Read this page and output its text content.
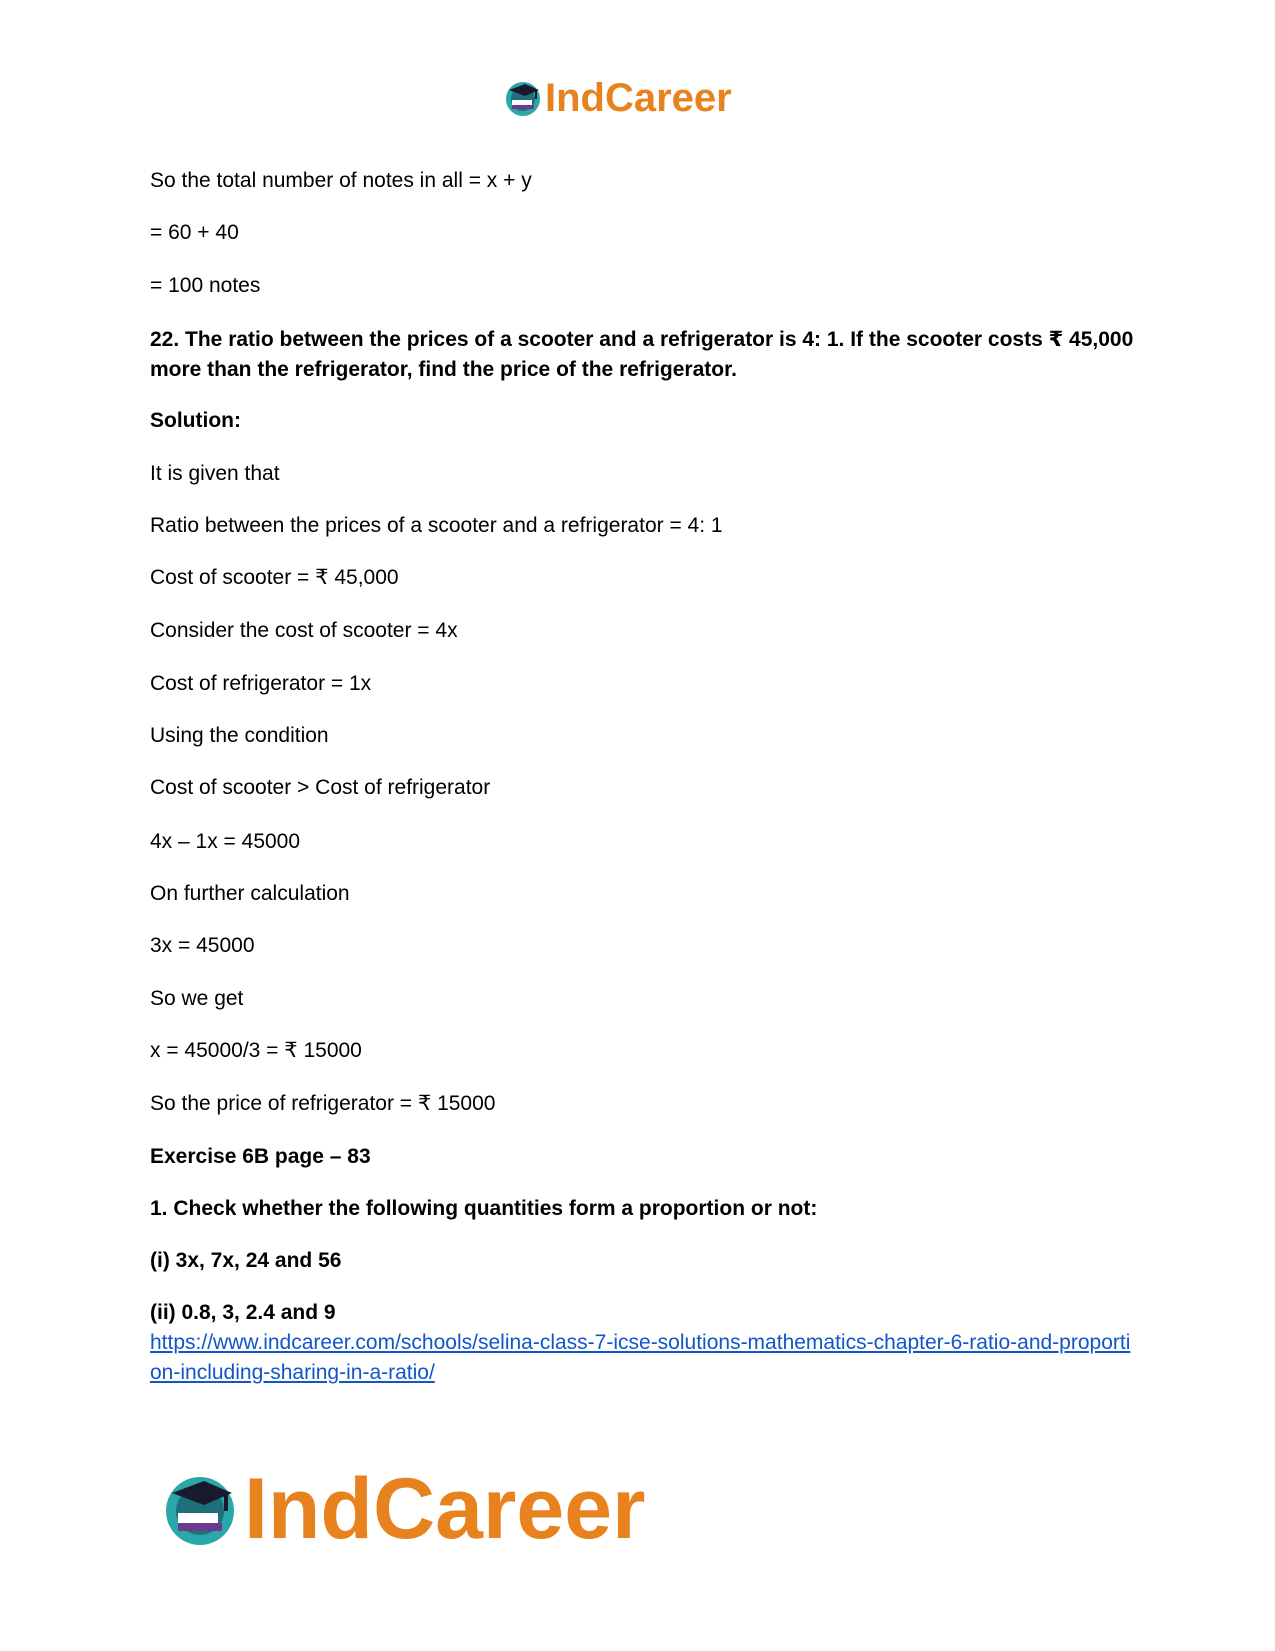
IndCareer
So the total number of notes in all = x + y
= 60 + 40
= 100 notes
22. The ratio between the prices of a scooter and a refrigerator is 4: 1. If the scooter costs ₹ 45,000 more than the refrigerator, find the price of the refrigerator.
Solution:
It is given that
Ratio between the prices of a scooter and a refrigerator = 4: 1
Cost of scooter = ₹ 45,000
Consider the cost of scooter = 4x
Cost of refrigerator = 1x
Using the condition
Cost of scooter > Cost of refrigerator
4x – 1x = 45000
On further calculation
3x = 45000
So we get
x = 45000/3 = ₹ 15000
So the price of refrigerator = ₹ 15000
Exercise 6B page – 83
1. Check whether the following quantities form a proportion or not:
(i) 3x, 7x, 24 and 56
(ii) 0.8, 3, 2.4 and 9
https://www.indcareer.com/schools/selina-class-7-icse-solutions-mathematics-chapter-6-ratio-and-proportion-including-sharing-in-a-ratio/
IndCareer
